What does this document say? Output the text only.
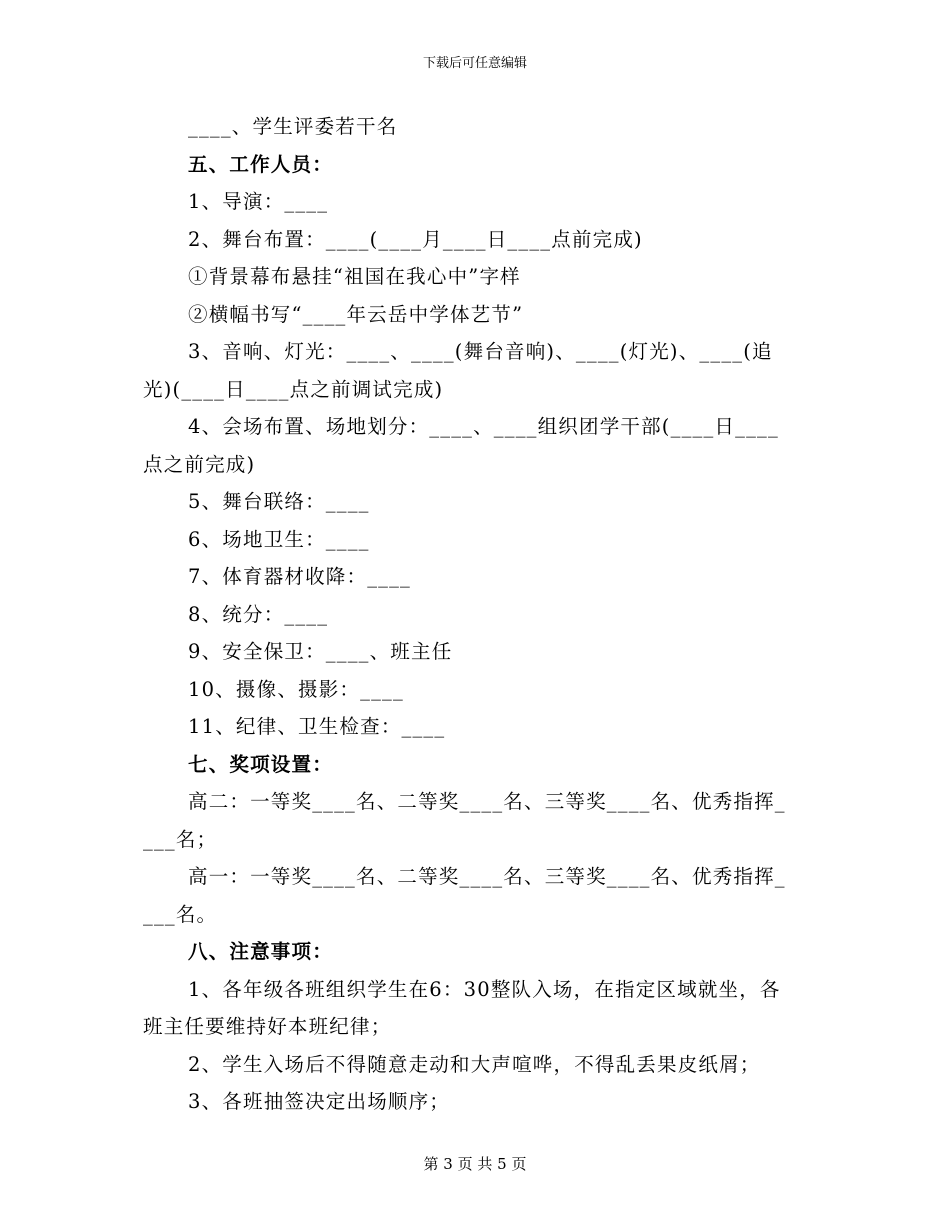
下载后可任意编辑
____、学生评委若干名
五、工作人员：
1、导演：____
2、舞台布置：____(____月____日____点前完成)
①背景幕布悬挂“祖国在我心中”字样
②横幅书写“____年云岳中学体艺节”
3、音响、灯光：____、____(舞台音响)、____(灯光)、____(追
光)(____日____点之前调试完成)
4、会场布置、场地划分：____、____组织团学干部(____日____
点之前完成)
5、舞台联络：____
6、场地卫生：____
7、体育器材收降：____
8、统分：____
9、安全保卫：____、班主任
10、摄像、摄影：____
11、纪律、卫生检查：____
七、奖项设置：
高二：一等奖____名、二等奖____名、三等奖____名、优秀指挥_
___名；
高一：一等奖____名、二等奖____名、三等奖____名、优秀指挥_
___名。
八、注意事项：
1、各年级各班组织学生在6：30整队入场，在指定区域就坐，各
班主任要维持好本班纪律；
2、学生入场后不得随意走动和大声喧哗，不得乱丢果皮纸屑；
3、各班抽签决定出场顺序；
第 3 页 共 5 页
